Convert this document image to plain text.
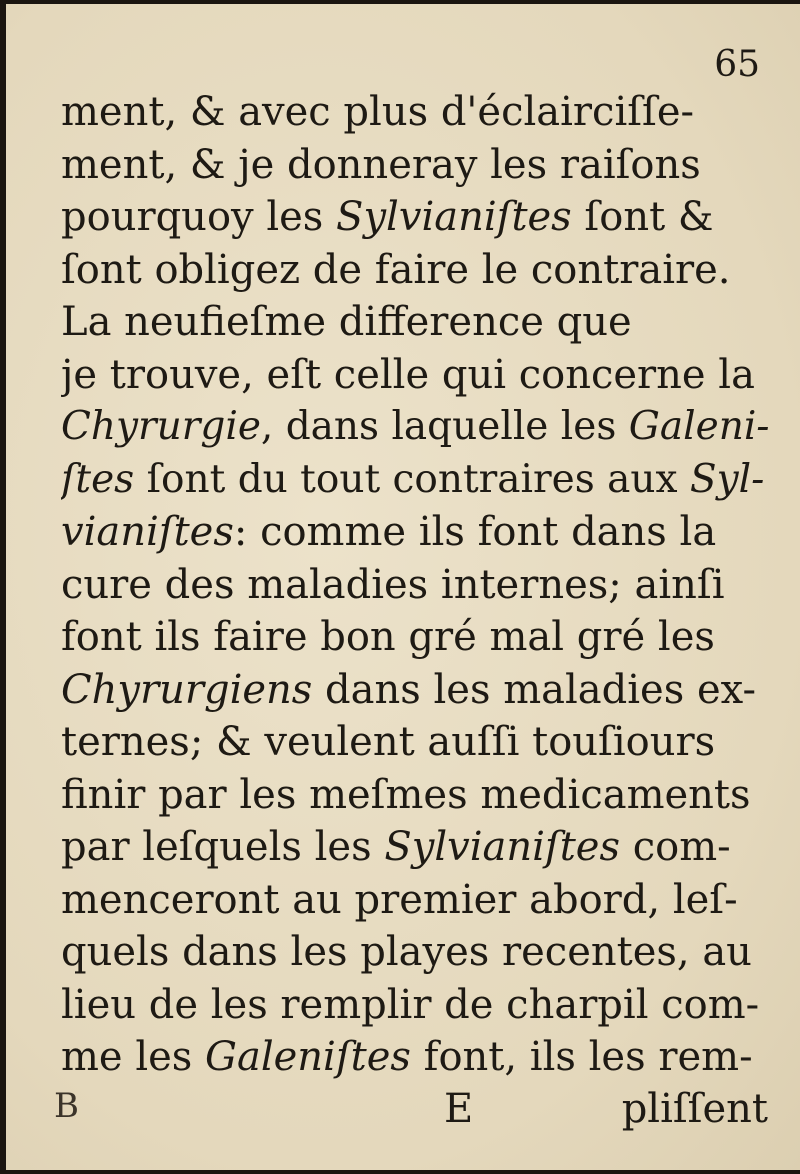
65

ment, & avec plus d'éclairciſſe-
ment, & je donneray les raiſons
pourquoy les Sylvianiſtes ſont &
ſont obligez de faire le contraire.
La neufieſme difference que
je trouve, eſt celle qui concerne la
Chyrurgie, dans laquelle les Galeni-
ſtes ſont du tout contraires aux Syl-
vianiſtes: comme ils font dans la
cure des maladies internes; ainſi
font ils faire bon gré mal gré les
Chyrurgiens dans les maladies ex-
ternes; & veulent auſſi touſiours
finir par les meſmes medicaments
par leſquels les Sylvianiſtes com-
menceront au premier abord, leſ-
quels dans les playes recentes, au
lieu de les remplir de charpil com-
me les Galeniſtes font, ils les rem-
B	E	pliſſent
